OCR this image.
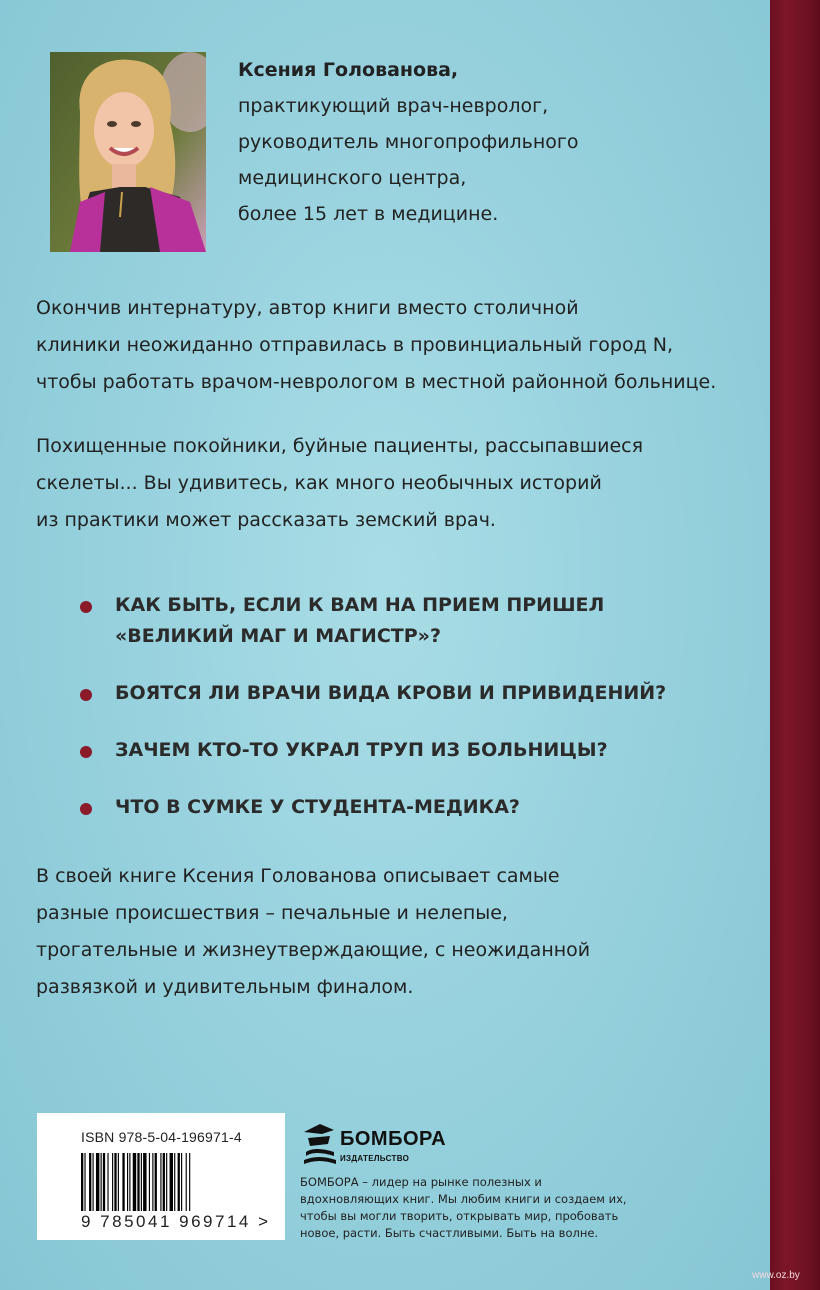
Ксения Голованова,
практикующий врач-невролог,
руководитель многопрофильного
медицинского центра,
более 15 лет в медицине.
Окончив интернатуру, автор книги вместо столичной
клиники неожиданно отправилась в провинциальный город N,
чтобы работать врачом-неврологом в местной районной больнице.
Похищенные покойники, буйные пациенты, рассыпавшиеся
скелеты... Вы удивитесь, как много необычных историй
из практики может рассказать земский врач.
КАК БЫТЬ, ЕСЛИ К ВАМ НА ПРИЕМ ПРИШЕЛ
«ВЕЛИКИЙ МАГ И МАГИСТР»?
БОЯТСЯ ЛИ ВРАЧИ ВИДА КРОВИ И ПРИВИДЕНИЙ?
ЗАЧЕМ КТО-ТО УКРАЛ ТРУП ИЗ БОЛЬНИЦЫ?
ЧТО В СУМКЕ У СТУДЕНТА-МЕДИКА?
В своей книге Ксения Голованова описывает самые
разные происшествия – печальные и нелепые,
трогательные и жизнеутверждающие, с неожиданной
развязкой и удивительным финалом.
ISBN 978-5-04-196971-4
9 785041 969714 >
БОМБОРА
ИЗДАТЕЛЬСТВО
БОМБОРА – лидер на рынке полезных и вдохновляющих книг. Мы любим книги и создаем их, чтобы вы могли творить, открывать мир, пробовать новое, расти. Быть счастливыми. Быть на волне.
www.oz.by
